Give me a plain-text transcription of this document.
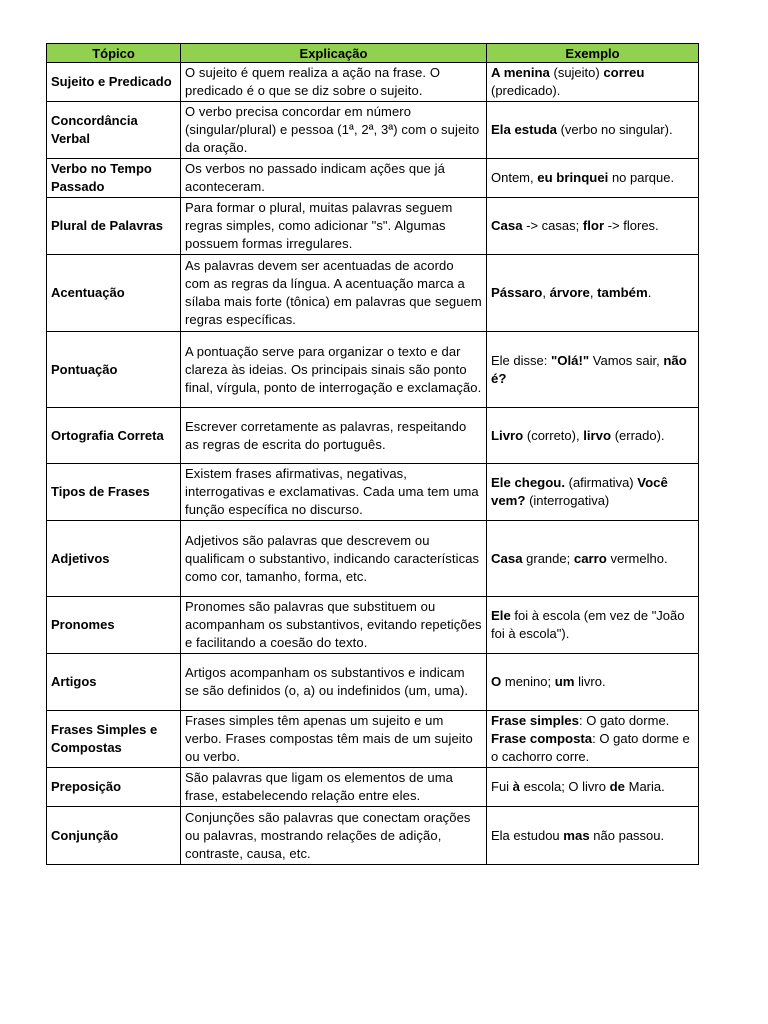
Tópico	Explicação	Exemplo
Sujeito e Predicado	O sujeito é quem realiza a ação na frase. O predicado é o que se diz sobre o sujeito.	A menina (sujeito) correu (predicado).
Concordância Verbal	O verbo precisa concordar em número (singular/plural) e pessoa (1ª, 2ª, 3ª) com o sujeito da oração.	Ela estuda (verbo no singular).
Verbo no Tempo Passado	Os verbos no passado indicam ações que já aconteceram.	Ontem, eu brinquei no parque.
Plural de Palavras	Para formar o plural, muitas palavras seguem regras simples, como adicionar "s". Algumas possuem formas irregulares.	Casa -> casas; flor -> flores.
Acentuação	As palavras devem ser acentuadas de acordo com as regras da língua. A acentuação marca a sílaba mais forte (tônica) em palavras que seguem regras específicas.	Pássaro, árvore, também.
Pontuação	A pontuação serve para organizar o texto e dar clareza às ideias. Os principais sinais são ponto final, vírgula, ponto de interrogação e exclamação.	Ele disse: "Olá!" Vamos sair, não é?
Ortografia Correta	Escrever corretamente as palavras, respeitando as regras de escrita do português.	Livro (correto), lirvo (errado).
Tipos de Frases	Existem frases afirmativas, negativas, interrogativas e exclamativas. Cada uma tem uma função específica no discurso.	Ele chegou. (afirmativa) Você vem? (interrogativa)
Adjetivos	Adjetivos são palavras que descrevem ou qualificam o substantivo, indicando características como cor, tamanho, forma, etc.	Casa grande; carro vermelho.
Pronomes	Pronomes são palavras que substituem ou acompanham os substantivos, evitando repetições e facilitando a coesão do texto.	Ele foi à escola (em vez de "João foi à escola").
Artigos	Artigos acompanham os substantivos e indicam se são definidos (o, a) ou indefinidos (um, uma).	O menino; um livro.
Frases Simples e Compostas	Frases simples têm apenas um sujeito e um verbo. Frases compostas têm mais de um sujeito ou verbo.	Frase simples: O gato dorme. Frase composta: O gato dorme e o cachorro corre.
Preposição	São palavras que ligam os elementos de uma frase, estabelecendo relação entre eles.	Fui à escola; O livro de Maria.
Conjunção	Conjunções são palavras que conectam orações ou palavras, mostrando relações de adição, contraste, causa, etc.	Ela estudou mas não passou.
